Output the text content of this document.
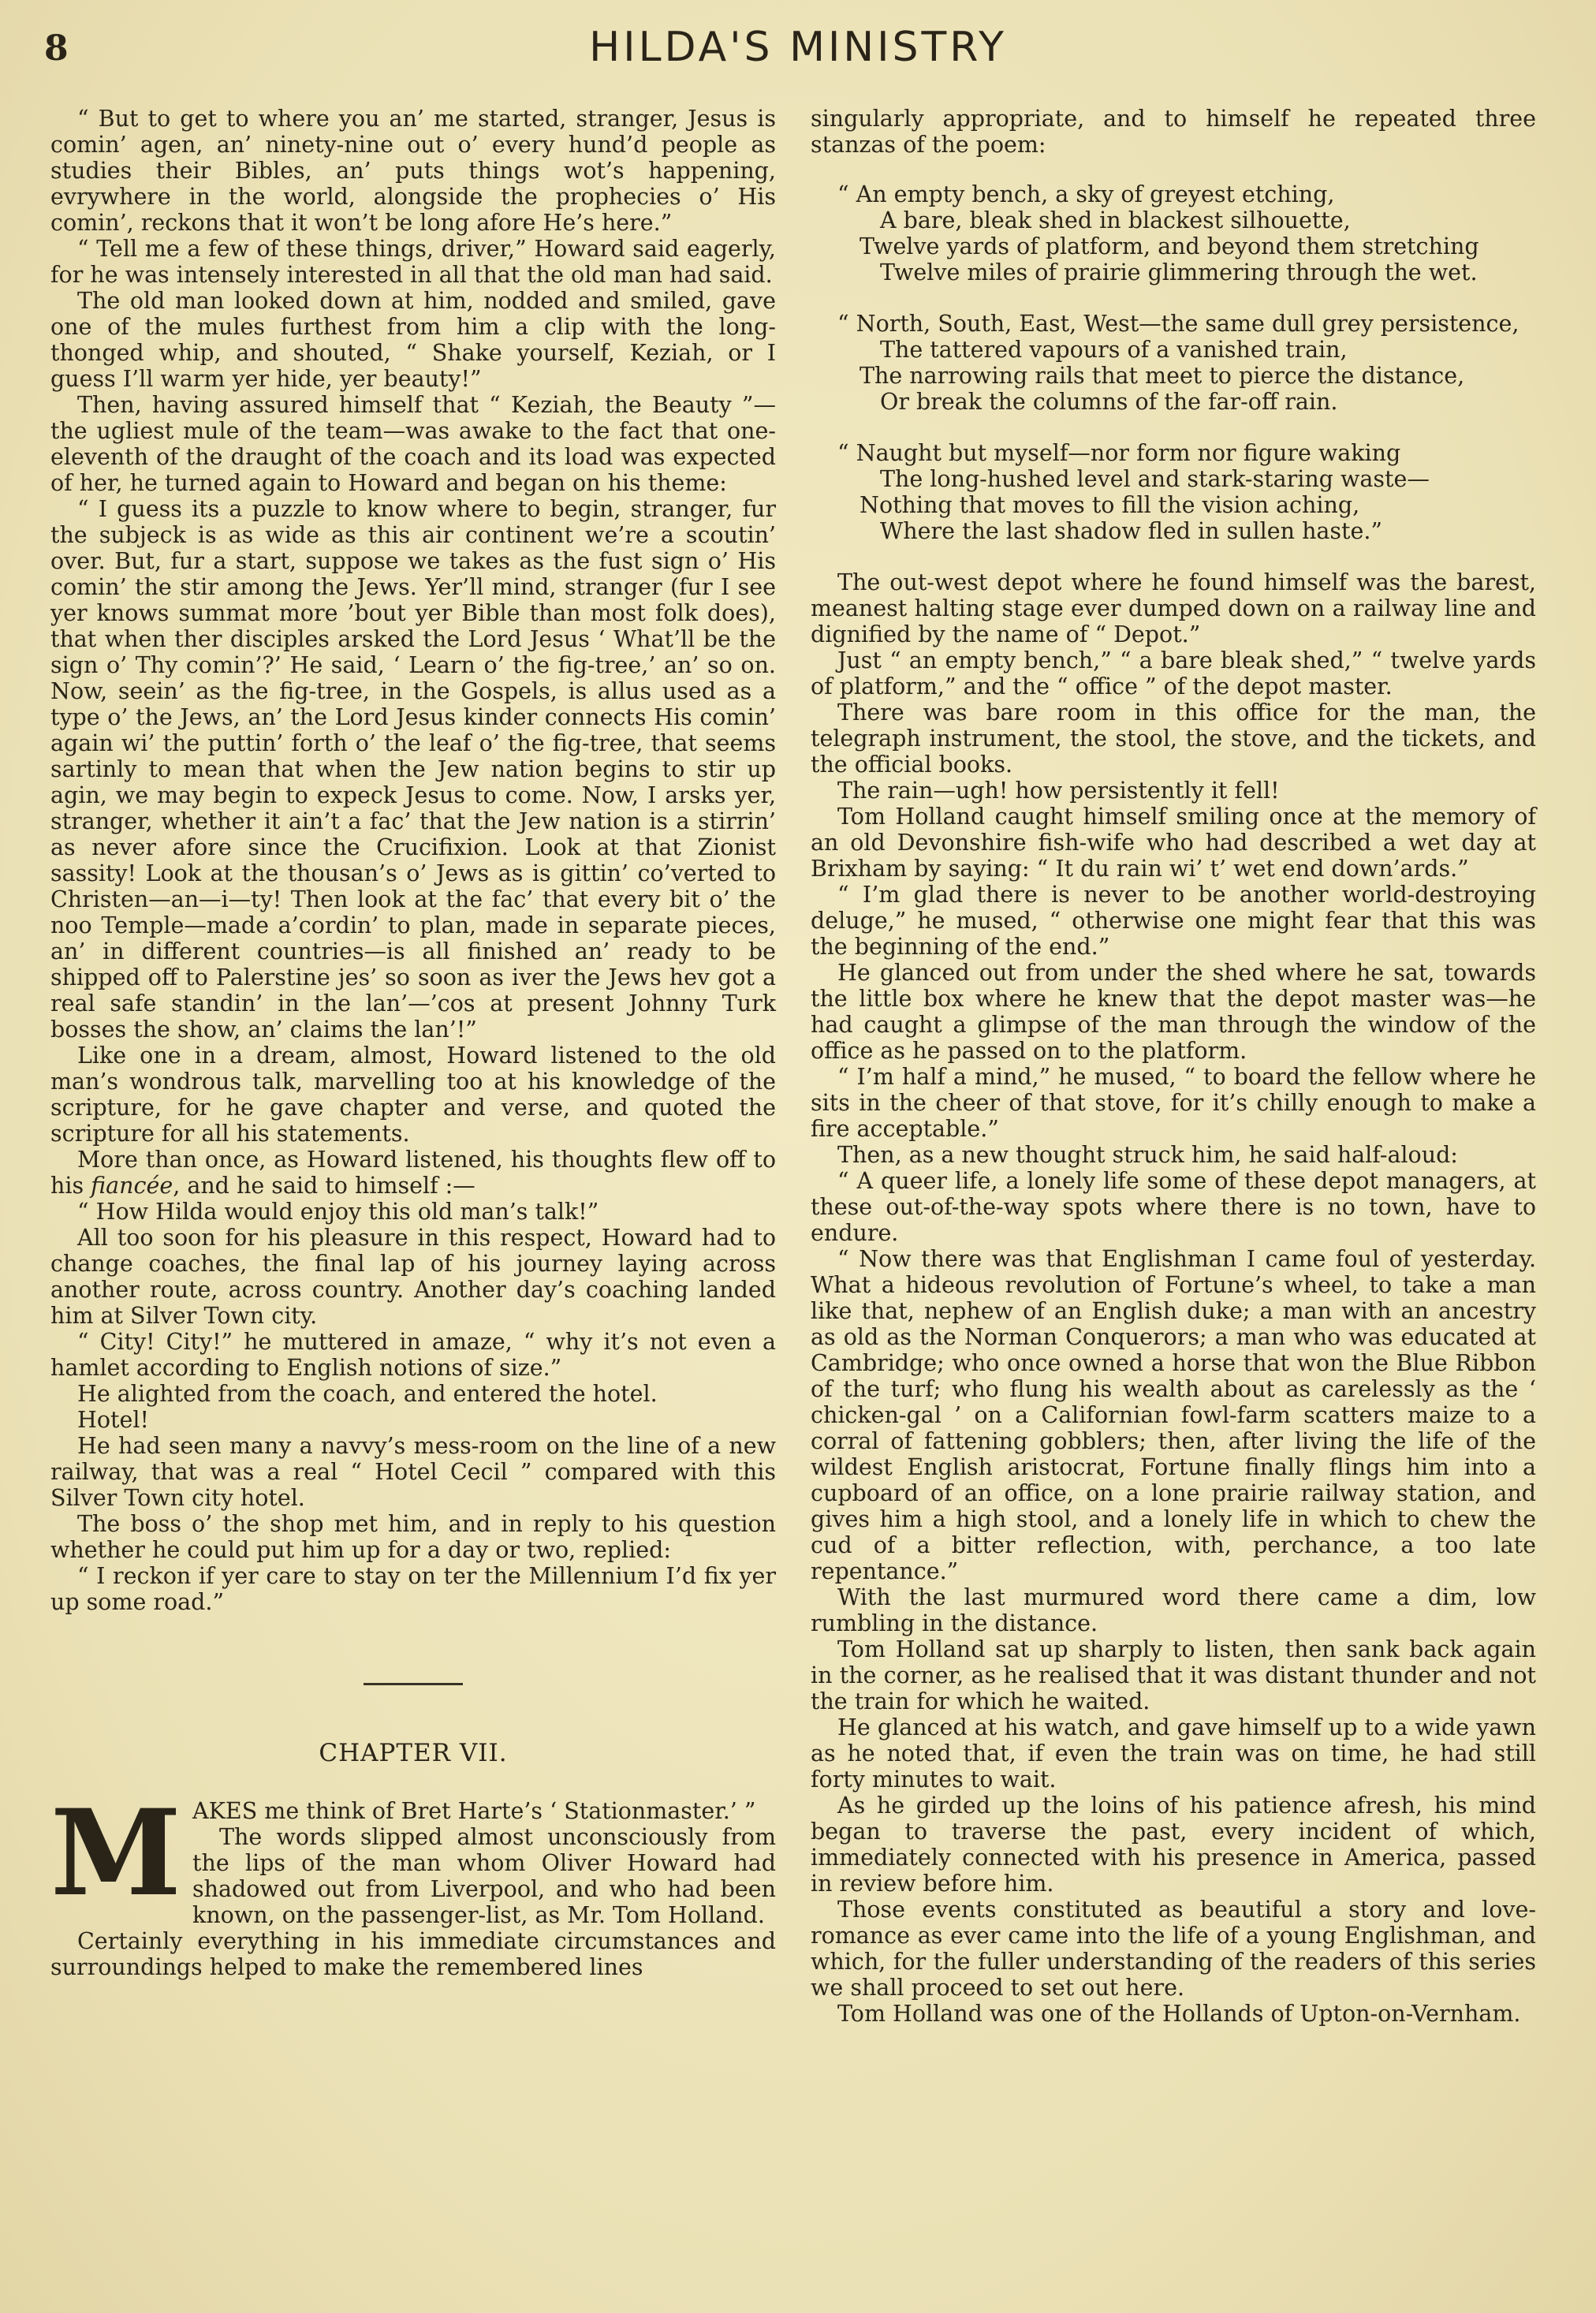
8	HILDA'S MINISTRY

“ But to get to where you an’ me started, stranger, Jesus is comin’ agen, an’ ninety-nine out o’ every hund’d people as studies their Bibles, an’ puts things wot’s happening, evrywhere in the world, alongside the prophecies o’ His comin’, reckons that it won’t be long afore He’s here.”

“ Tell me a few of these things, driver,” Howard said eagerly, for he was intensely interested in all that the old man had said.

The old man looked down at him, nodded and smiled, gave one of the mules furthest from him a clip with the long-thonged whip, and shouted, “ Shake yourself, Keziah, or I guess I’ll warm yer hide, yer beauty!”

Then, having assured himself that “ Keziah, the Beauty ”—the ugliest mule of the team—was awake to the fact that one-eleventh of the draught of the coach and its load was expected of her, he turned again to Howard and began on his theme:

“ I guess its a puzzle to know where to begin, stranger, fur the subjeck is as wide as this air continent we’re a scoutin’ over. But, fur a start, suppose we takes as the fust sign o’ His comin’ the stir among the Jews. Yer’ll mind, stranger (fur I see yer knows summat more ’bout yer Bible than most folk does), that when ther disciples arsked the Lord Jesus ‘ What’ll be the sign o’ Thy comin’?’ He said, ‘ Learn o’ the fig-tree,’ an’ so on. Now, seein’ as the fig-tree, in the Gospels, is allus used as a type o’ the Jews, an’ the Lord Jesus kinder connects His comin’ again wi’ the puttin’ forth o’ the leaf o’ the fig-tree, that seems sartinly to mean that when the Jew nation begins to stir up agin, we may begin to expeck Jesus to come. Now, I arsks yer, stranger, whether it ain’t a fac’ that the Jew nation is a stirrin’ as never afore since the Crucifixion. Look at that Zionist sassity! Look at the thousan’s o’ Jews as is gittin’ co’verted to Christen—an—i—ty! Then look at the fac’ that every bit o’ the noo Temple—made a’cordin’ to plan, made in separate pieces, an’ in different countries—is all finished an’ ready to be shipped off to Palerstine jes’ so soon as iver the Jews hev got a real safe standin’ in the lan’—’cos at present Johnny Turk bosses the show, an’ claims the lan’!”

Like one in a dream, almost, Howard listened to the old man’s wondrous talk, marvelling too at his knowledge of the scripture, for he gave chapter and verse, and quoted the scripture for all his statements.

More than once, as Howard listened, his thoughts flew off to his fiancée, and he said to himself :—

“ How Hilda would enjoy this old man’s talk!”

All too soon for his pleasure in this respect, Howard had to change coaches, the final lap of his journey laying across another route, across country. Another day’s coaching landed him at Silver Town city.

“ City! City!” he muttered in amaze, “ why it’s not even a hamlet according to English notions of size.”

He alighted from the coach, and entered the hotel.

Hotel!

He had seen many a navvy’s mess-room on the line of a new railway, that was a real “ Hotel Cecil ” compared with this Silver Town city hotel.

The boss o’ the shop met him, and in reply to his question whether he could put him up for a day or two, replied:

“ I reckon if yer care to stay on ter the Millennium I’d fix yer up some road.”

CHAPTER VII.
M AKES me think of Bret Harte’s ‘ Stationmaster.’ ”

The words slipped almost unconsciously from the lips of the man whom Oliver Howard had shadowed out from Liverpool, and who had been known, on the passenger-list, as Mr. Tom Holland.

Certainly everything in his immediate circumstances and surroundings helped to make the remembered lines

singularly appropriate, and to himself he repeated three stanzas of the poem:

“ An empty bench, a sky of greyest etching,
A bare, bleak shed in blackest silhouette,
Twelve yards of platform, and beyond them stretching
Twelve miles of prairie glimmering through the wet.
“ North, South, East, West—the same dull grey persistence,
The tattered vapours of a vanished train,
The narrowing rails that meet to pierce the distance,
Or break the columns of the far-off rain.
“ Naught but myself—nor form nor figure waking
The long-hushed level and stark-staring waste—
Nothing that moves to fill the vision aching,
Where the last shadow fled in sullen haste.”

The out-west depot where he found himself was the barest, meanest halting stage ever dumped down on a railway line and dignified by the name of “ Depot.”

Just “ an empty bench,” “ a bare bleak shed,” “ twelve yards of platform,” and the “ office ” of the depot master.

There was bare room in this office for the man, the telegraph instrument, the stool, the stove, and the tickets, and the official books.

The rain—ugh! how persistently it fell!

Tom Holland caught himself smiling once at the memory of an old Devonshire fish-wife who had described a wet day at Brixham by saying: “ It du rain wi’ t’ wet end down’ards.”

“ I’m glad there is never to be another world-destroying deluge,” he mused, “ otherwise one might fear that this was the beginning of the end.”

He glanced out from under the shed where he sat, towards the little box where he knew that the depot master was—he had caught a glimpse of the man through the window of the office as he passed on to the platform.

“ I’m half a mind,” he mused, “ to board the fellow where he sits in the cheer of that stove, for it’s chilly enough to make a fire acceptable.”

Then, as a new thought struck him, he said half-aloud:

“ A queer life, a lonely life some of these depot managers, at these out-of-the-way spots where there is no town, have to endure.

“ Now there was that Englishman I came foul of yesterday. What a hideous revolution of Fortune’s wheel, to take a man like that, nephew of an English duke; a man with an ancestry as old as the Norman Conquerors; a man who was educated at Cambridge; who once owned a horse that won the Blue Ribbon of the turf; who flung his wealth about as carelessly as the ‘ chicken-gal ’ on a Californian fowl-farm scatters maize to a corral of fattening gobblers; then, after living the life of the wildest English aristocrat, Fortune finally flings him into a cupboard of an office, on a lone prairie railway station, and gives him a high stool, and a lonely life in which to chew the cud of a bitter reflection, with, perchance, a too late repentance.”

With the last murmured word there came a dim, low rumbling in the distance.

Tom Holland sat up sharply to listen, then sank back again in the corner, as he realised that it was distant thunder and not the train for which he waited.

He glanced at his watch, and gave himself up to a wide yawn as he noted that, if even the train was on time, he had still forty minutes to wait.

As he girded up the loins of his patience afresh, his mind began to traverse the past, every incident of which, immediately connected with his presence in America, passed in review before him.

Those events constituted as beautiful a story and love-romance as ever came into the life of a young Englishman, and which, for the fuller understanding of the readers of this series we shall proceed to set out here.

Tom Holland was one of the Hollands of Upton-on-Vernham.
